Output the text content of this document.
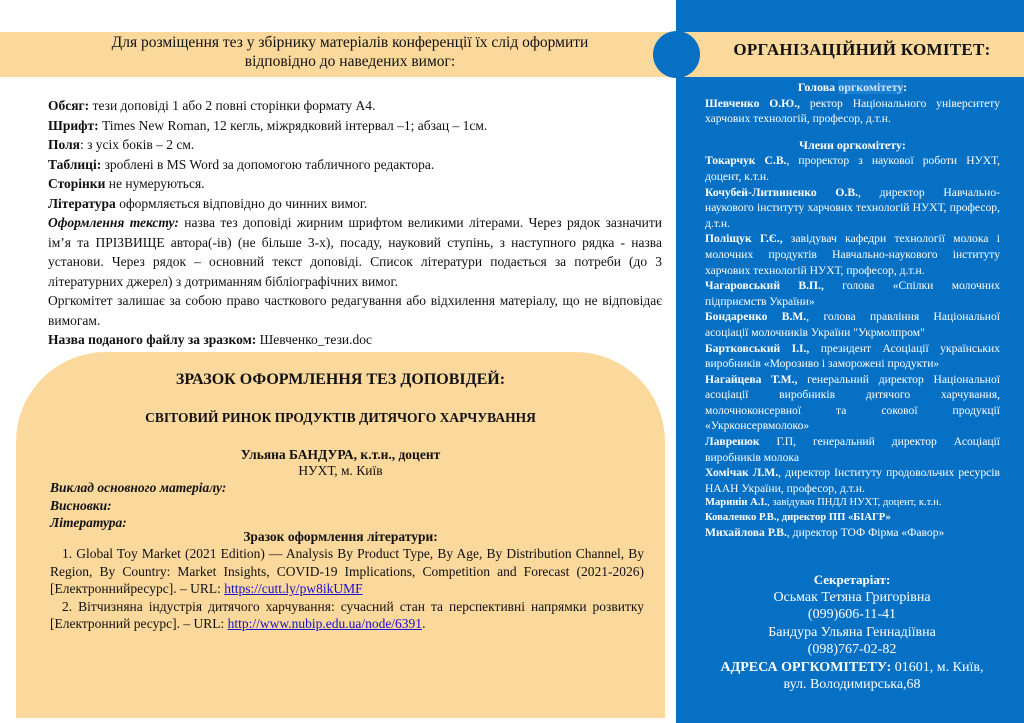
Для розміщення тез у збірнику матеріалів конференції їх слід оформити
відповідно до наведених вимог:
ОРГАНІЗАЦІЙНИЙ КОМІТЕТ:

Обсяг: тези доповіді 1 або 2 повні сторінки формату А4.

Шрифт: Times New Roman, 12 кегль, міжрядковий інтервал –1; абзац – 1см.

Поля: з усіх боків – 2 см.

Таблиці: зроблені в MS Word за допомогою табличного редактора.

Сторінки не нумеруються.

Література оформляється відповідно до чинних вимог.

Оформлення тексту: назва тез доповіді жирним шрифтом великими літерами. Через рядок зазначити ім’я та ПРІЗВИЩЕ автора(-ів) (не більше 3-х), посаду, науковий ступінь, з наступного рядка - назва установи. Через рядок – основний текст доповіді. Список літератури подається за потреби (до 3 літературних джерел) з дотриманням бібліографічних вимог.

Оргкомітет залишає за собою право часткового редагування або відхилення матеріалу, що не відповідає вимогам.

Назва поданого файлу за зразком: Шевченко_тези.doc

ЗРАЗОК ОФОРМЛЕННЯ ТЕЗ ДОПОВІДЕЙ:
СВІТОВИЙ РИНОК ПРОДУКТІВ ДИТЯЧОГО ХАРЧУВАННЯ
Ульяна БАНДУРА, к.т.н., доцент
НУХТ, м. Київ
Виклад основного матеріалу:
Висновки:
Література:
Зразок оформлення літератури:

1. Global Toy Market (2021 Edition) — Analysis By Product Type, By Age, By Distribution Channel, By Region, By Country: Market Insights, COVID-19 Implications, Competition and Forecast (2021-2026) [Електроннийресурс]. – URL: https://cutt.ly/pw8ikUMF

2. Вітчизняна індустрія дитячого харчування: сучасний стан та перспективні напрямки розвитку [Електронний ресурс]. – URL: http://www.nubip.edu.ua/node/6391.

Голова оргкомітету:

Шевченко О.Ю., ректор Національного університету харчових технологій, професор, д.т.н.

Члени оргкомітету:

Токарчук С.В., проректор з наукової роботи НУХТ, доцент, к.т.н.

Кочубей-Литвиненко О.В., директор Навчально-наукового інституту харчових технологій НУХТ, професор, д.т.н.

Поліщук Г.Є., завідувач кафедри технології молока і молочних продуктів Навчально-наукового інституту харчових технологій НУХТ, професор, д.т.н.

Чагаровський В.П., голова «Спілки молочних підприємств України»

Бондаренко В.М., голова правління Національної асоціації молочників України "Укрмолпром"

Бартковський І.І., президент Асоціації українських виробників «Морозиво і заморожені продукти»

Нагайцева Т.М., генеральний директор Національної асоціації виробників дитячого харчування, молочноконсервної та сокової продукції «Укрконсервмолоко»

Лавренюк Г.П, генеральний директор Асоціації виробників молока

Хомічак Л.М., директор Інституту продовольчих ресурсів НААН України, професор, д.т.н.

Маринін А.І., завідувач ПНДЛ НУХТ, доцент, к.т.н.

Коваленко Р.В., директор ПП «БІАГР»

Михайлова Р.В., директор ТОФ Фірма «Фавор»

Секретаріат:
Осьмак Тетяна Григорівна
(099)606-11-41
Бандура Ульяна Геннадіївна
(098)767-02-82
АДРЕСА ОРГКОМІТЕТУ: 01601, м. Київ,
вул. Володимирська,68
